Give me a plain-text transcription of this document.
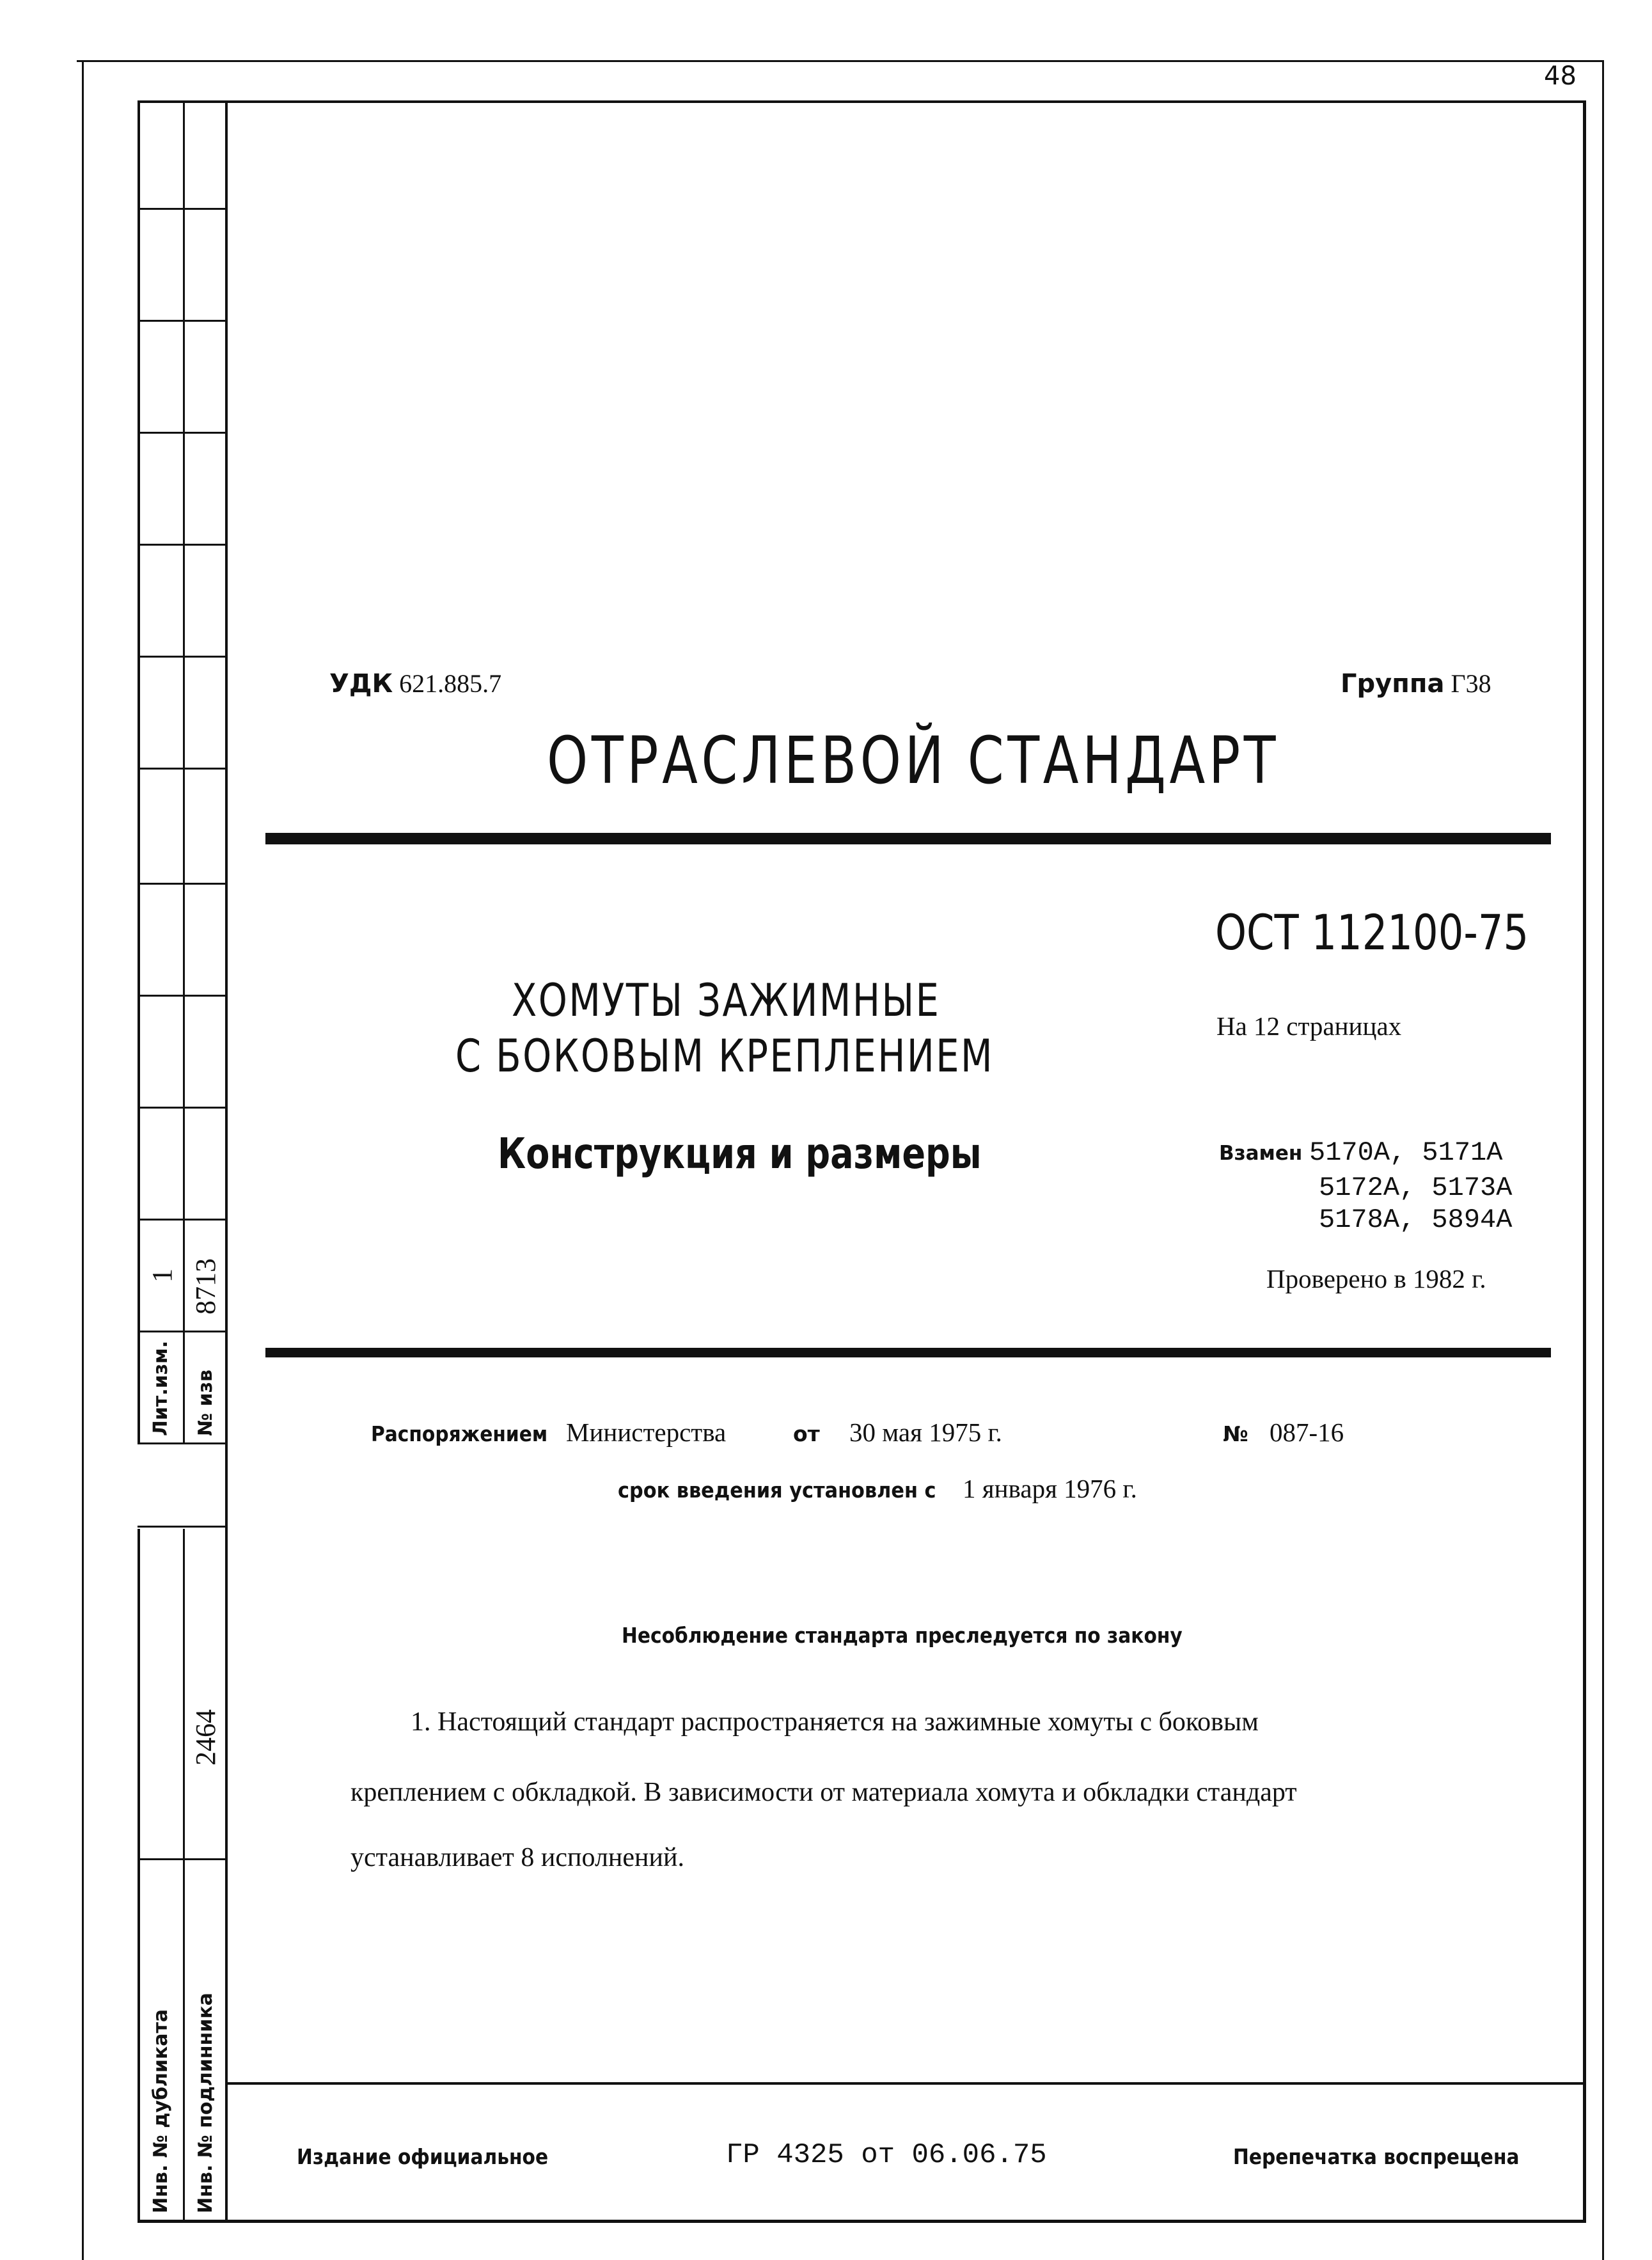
1 8713
Лит.изм. № изв
2464
Инв. № дубликата Инв. № подлинника
48
УДК 621.885.7	Группа Г38
ОТРАСЛЕВОЙ СТАНДАРТ
ОСТ 112100-75
ХОМУТЫ ЗАЖИМНЫЕ
С БОКОВЫМ КРЕПЛЕНИЕМ
На 12 страницах
Конструкция и размеры	Взамен 5170А, 5171А
5172А, 5173А
5178А, 5894А
Проверено в 1982 г.
Распоряжением Министерства	от 30 мая 1975 г.	№ 087-16
срок введения установлен с 1 января 1976 г.
Несоблюдение стандарта преследуется по закону
1. Настоящий стандарт распространяется на зажимные хомуты с боковым
креплением с обкладкой. В зависимости от материала хомута и обкладки стандарт
устанавливает 8 исполнений.
Издание официальное	ГР 4325 от 06.06.75	Перепечатка воспрещена
